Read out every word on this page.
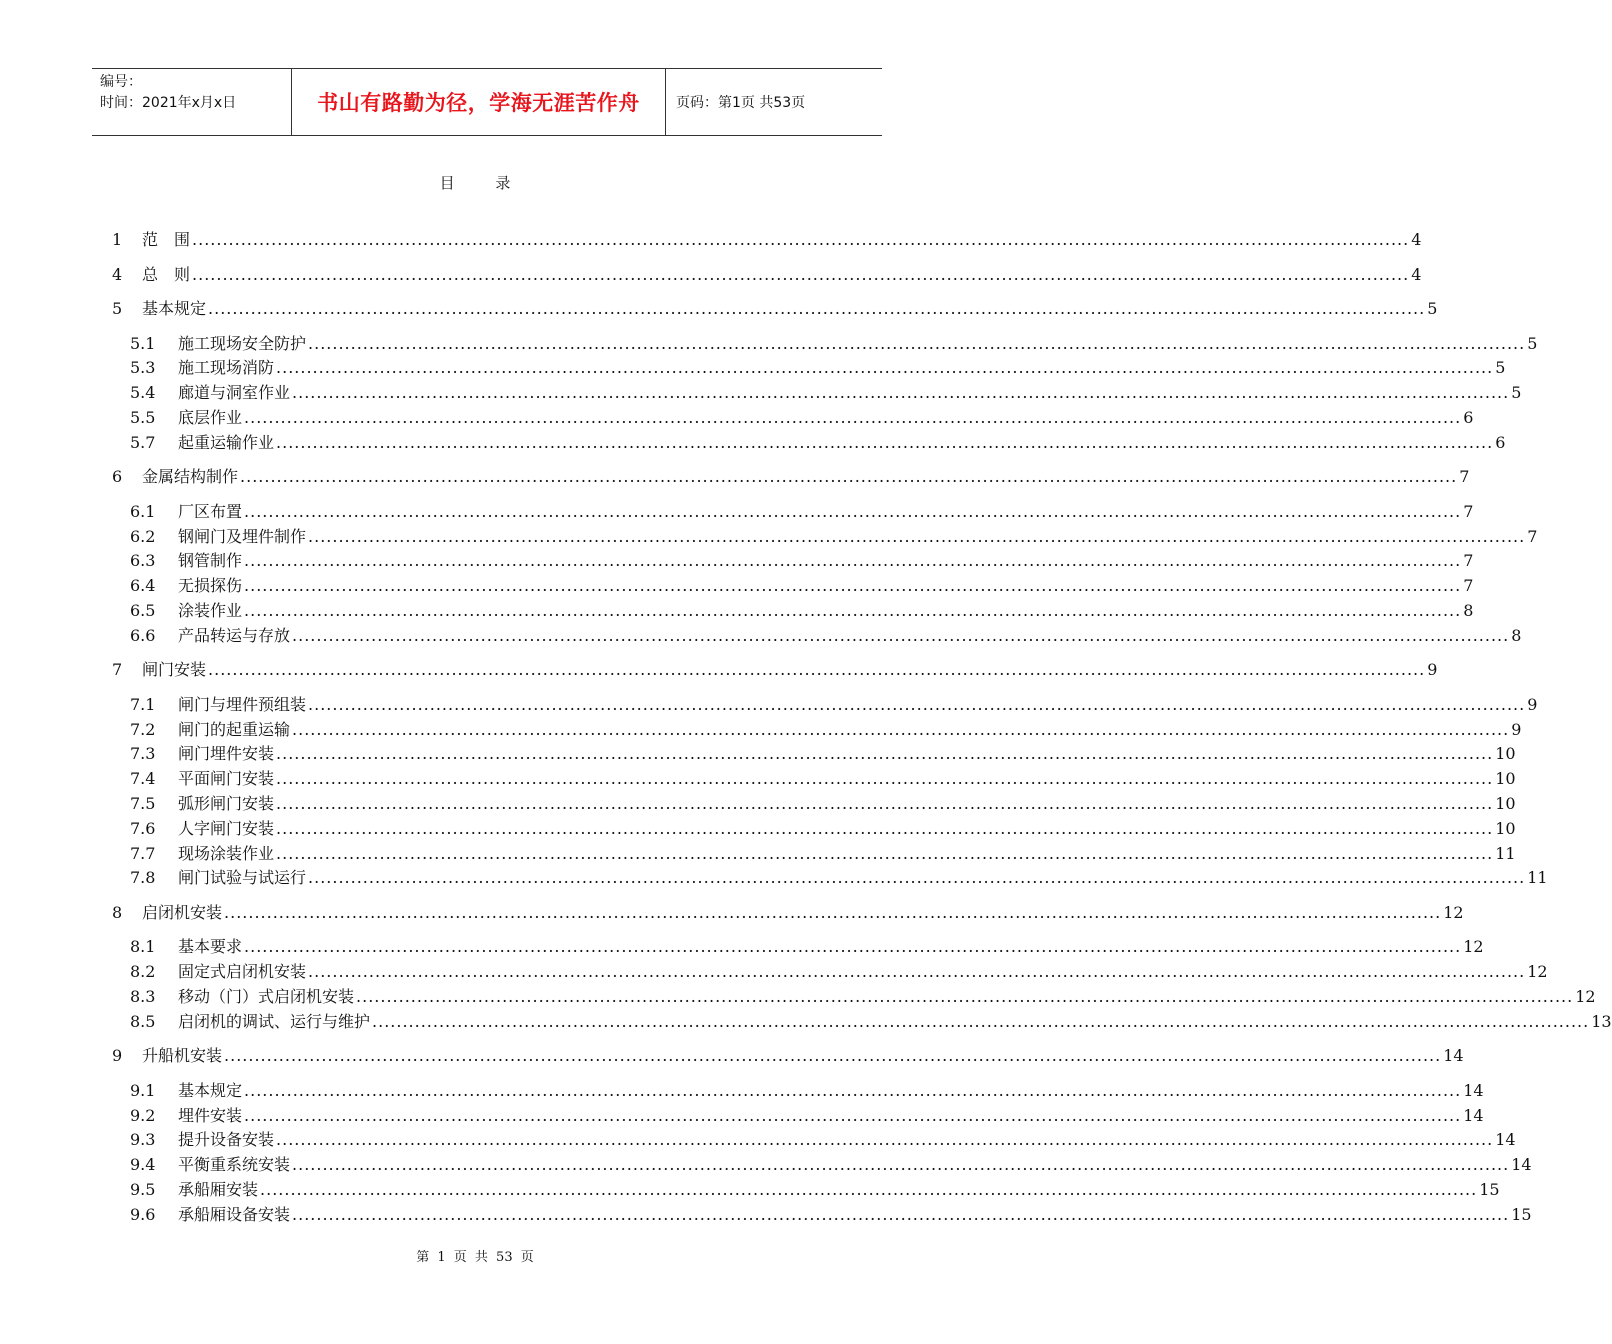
编号：
时间：2021年x月x日	书山有路勤为径，学海无涯苦作舟	页码：第1页 共53页
目 录
1	范　围 ........................................................................................................................................................................................................ 4
4	总　则 ........................................................................................................................................................................................................ 4
5	基本规定 ........................................................................................................................................................................................................ 5
5.1	施工现场安全防护 ........................................................................................................................................................................................................ 5
5.3	施工现场消防 ........................................................................................................................................................................................................ 5
5.4	廊道与洞室作业 ........................................................................................................................................................................................................ 5
5.5	底层作业 ........................................................................................................................................................................................................ 6
5.7	起重运输作业 ........................................................................................................................................................................................................ 6
6	金属结构制作 ........................................................................................................................................................................................................ 7
6.1	厂区布置 ........................................................................................................................................................................................................ 7
6.2	钢闸门及埋件制作 ........................................................................................................................................................................................................ 7
6.3	钢管制作 ........................................................................................................................................................................................................ 7
6.4	无损探伤 ........................................................................................................................................................................................................ 7
6.5	涂装作业 ........................................................................................................................................................................................................ 8
6.6	产品转运与存放 ........................................................................................................................................................................................................ 8
7	闸门安装 ........................................................................................................................................................................................................ 9
7.1	闸门与埋件预组装 ........................................................................................................................................................................................................ 9
7.2	闸门的起重运输 ........................................................................................................................................................................................................ 9
7.3	闸门埋件安装 ........................................................................................................................................................................................................ 10
7.4	平面闸门安装 ........................................................................................................................................................................................................ 10
7.5	弧形闸门安装 ........................................................................................................................................................................................................ 10
7.6	人字闸门安装 ........................................................................................................................................................................................................ 10
7.7	现场涂装作业 ........................................................................................................................................................................................................ 11
7.8	闸门试验与试运行 ........................................................................................................................................................................................................ 11
8	启闭机安装 ........................................................................................................................................................................................................ 12
8.1	基本要求 ........................................................................................................................................................................................................ 12
8.2	固定式启闭机安装 ........................................................................................................................................................................................................ 12
8.3	移动（门）式启闭机安装 ........................................................................................................................................................................................................ 12
8.5	启闭机的调试、运行与维护 ........................................................................................................................................................................................................ 13
9	升船机安装 ........................................................................................................................................................................................................ 14
9.1	基本规定 ........................................................................................................................................................................................................ 14
9.2	埋件安装 ........................................................................................................................................................................................................ 14
9.3	提升设备安装 ........................................................................................................................................................................................................ 14
9.4	平衡重系统安装 ........................................................................................................................................................................................................ 14
9.5	承船厢安装 ........................................................................................................................................................................................................ 15
9.6	承船厢设备安装 ........................................................................................................................................................................................................ 15
第 1 页 共 53 页
